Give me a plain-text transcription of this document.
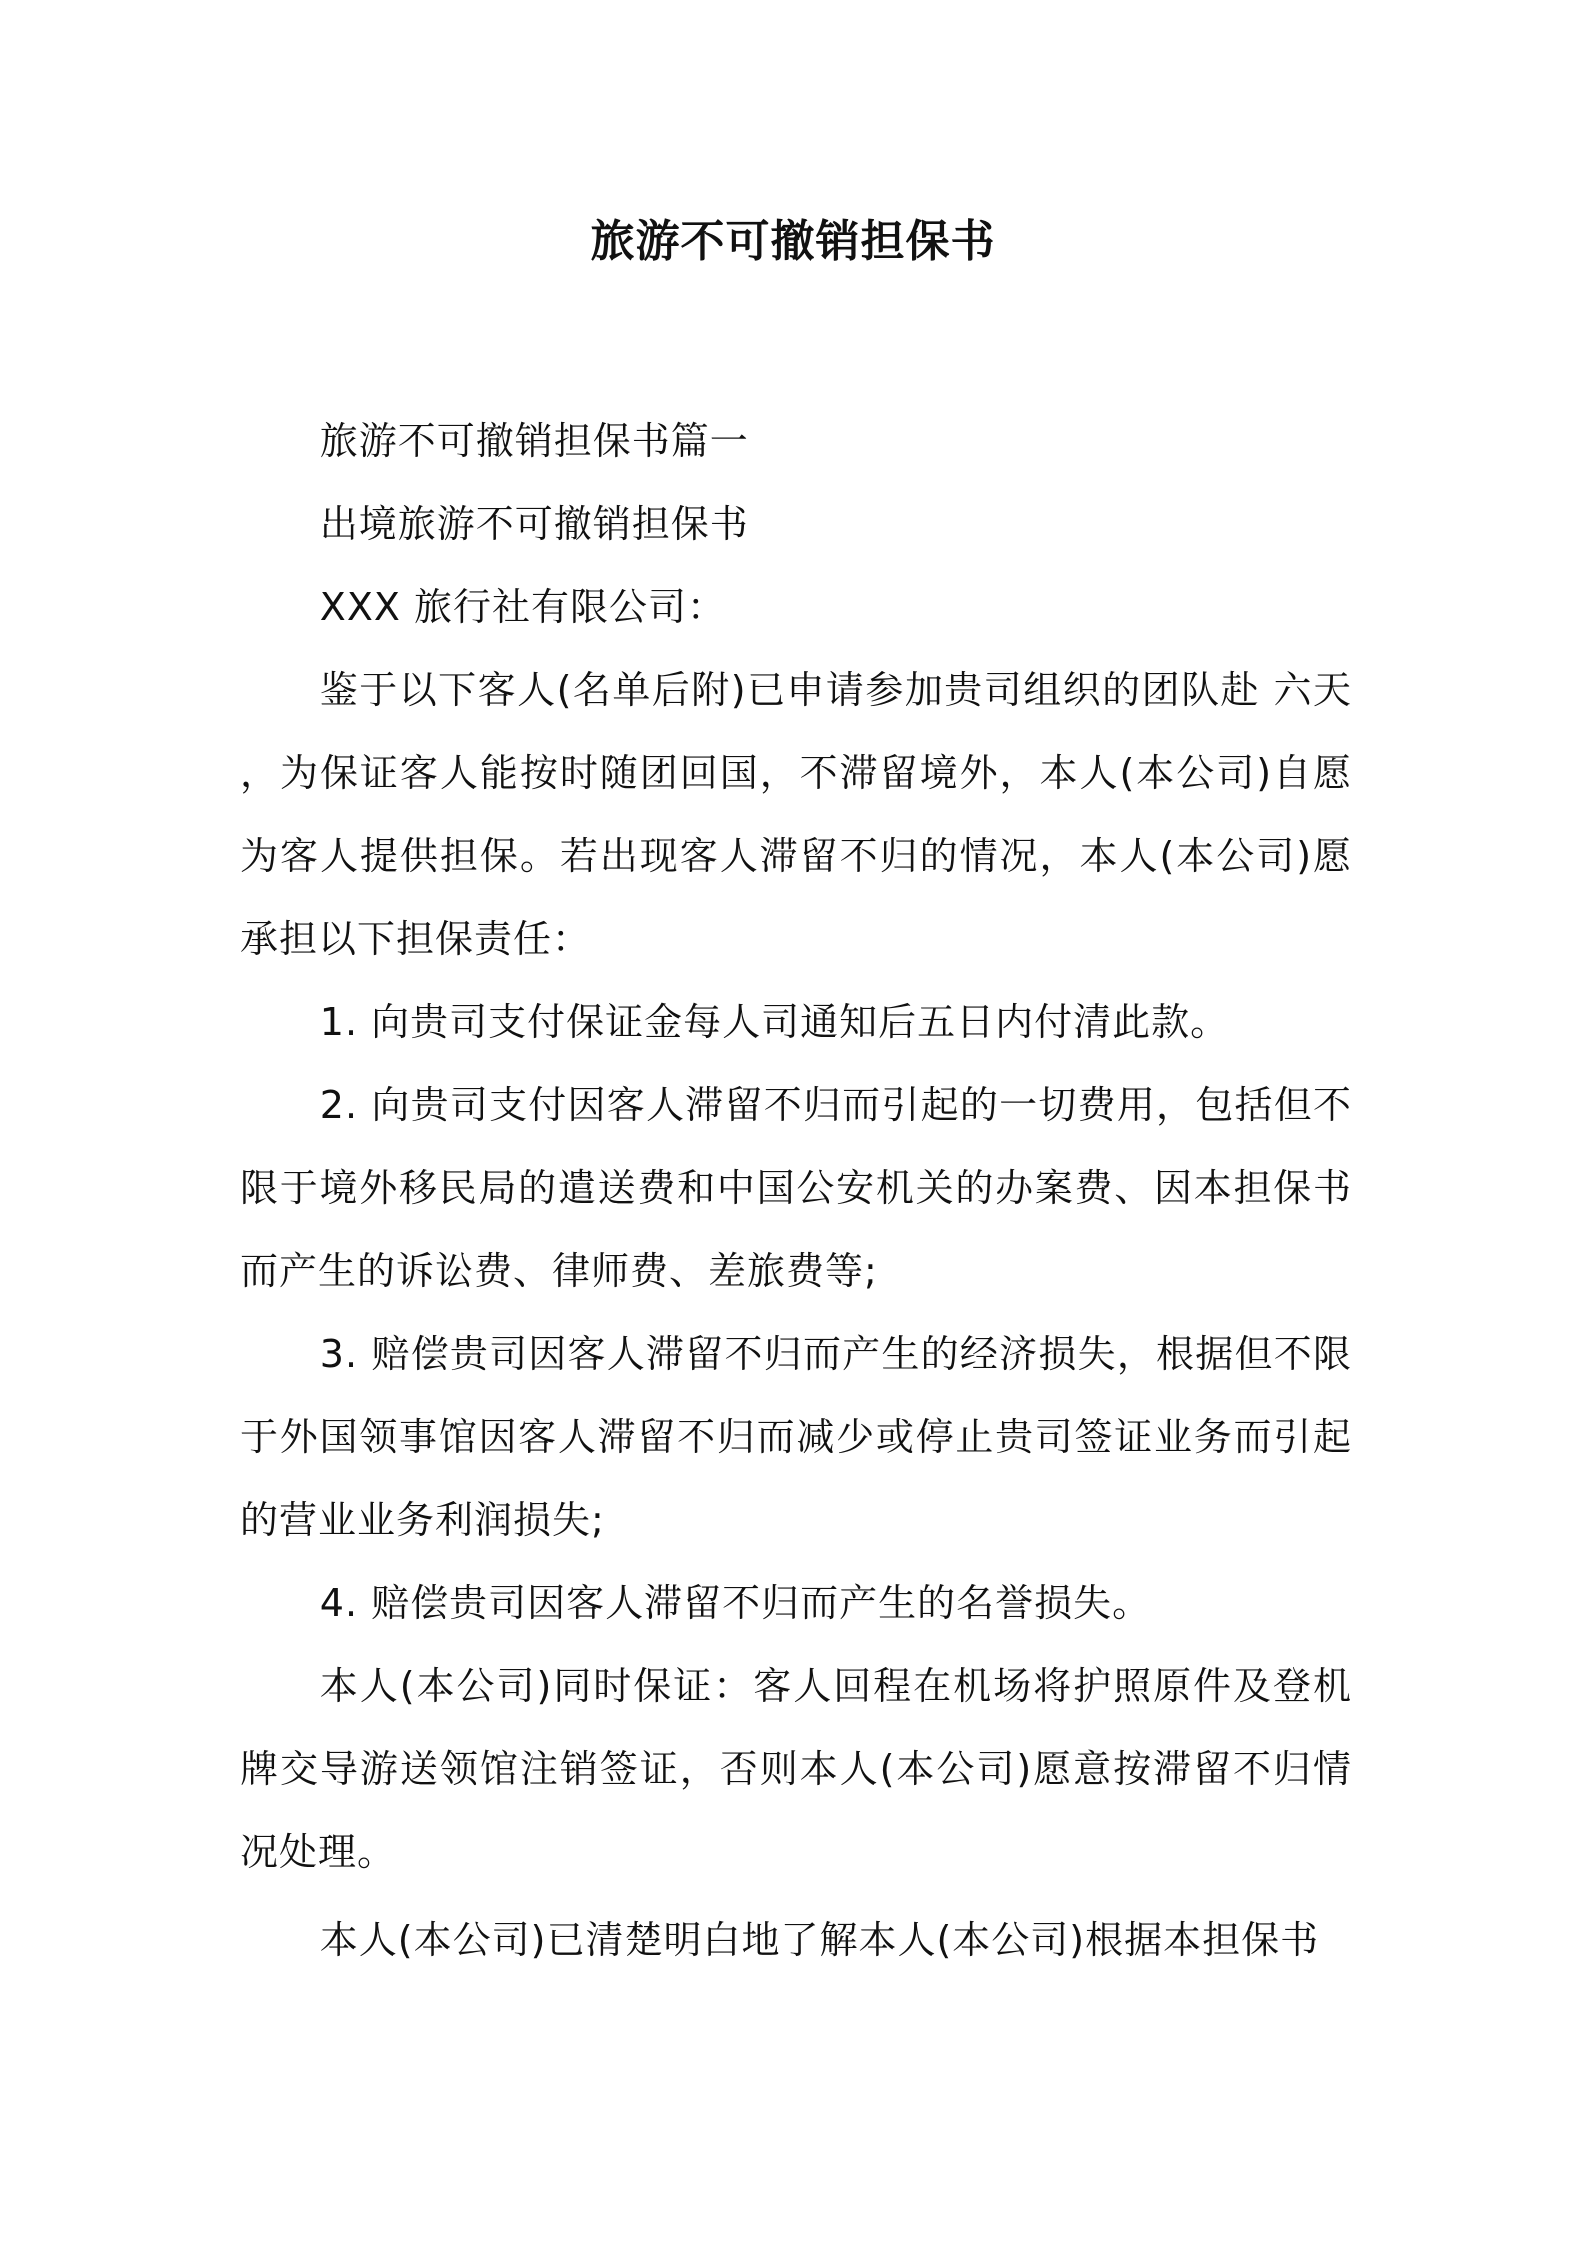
旅游不可撤销担保书

旅游不可撤销担保书篇一

出境旅游不可撤销担保书

XXX 旅行社有限公司：

鉴于以下客人(名单后附)已申请参加贵司组织的团队赴 六天 ，为保证客人能按时随团回国，不滞留境外，本人(本公司)自愿为客人提供担保。若出现客人滞留不归的情况，本人(本公司)愿承担以下担保责任：

1. 向贵司支付保证金每人司通知后五日内付清此款。

2. 向贵司支付因客人滞留不归而引起的一切费用，包括但不限于境外移民局的遣送费和中国公安机关的办案费、因本担保书而产生的诉讼费、律师费、差旅费等;

3. 赔偿贵司因客人滞留不归而产生的经济损失，根据但不限于外国领事馆因客人滞留不归而减少或停止贵司签证业务而引起的营业业务利润损失;

4. 赔偿贵司因客人滞留不归而产生的名誉损失。

本人(本公司)同时保证：客人回程在机场将护照原件及登机牌交导游送领馆注销签证，否则本人(本公司)愿意按滞留不归情况处理。

本人(本公司)已清楚明白地了解本人(本公司)根据本担保书
